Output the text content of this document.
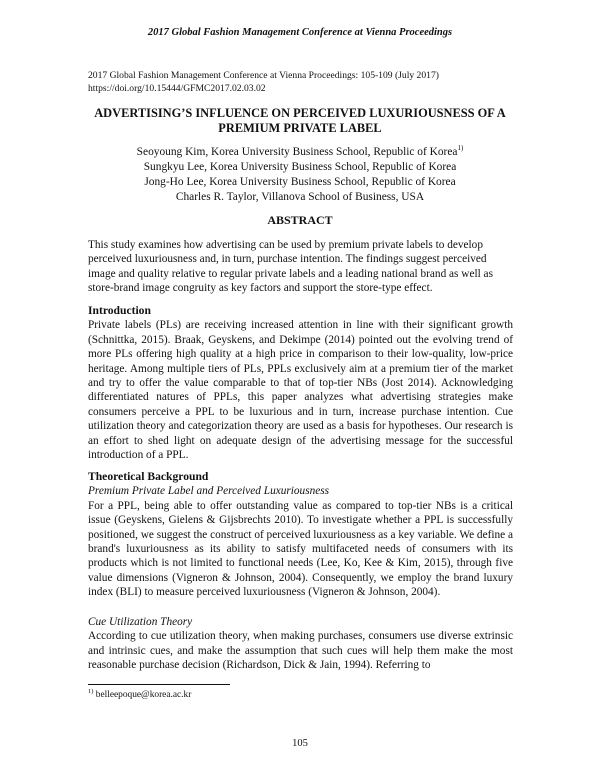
2017 Global Fashion Management Conference at Vienna Proceedings
2017 Global Fashion Management Conference at Vienna Proceedings: 105-109 (July 2017)
https://doi.org/10.15444/GFMC2017.02.03.02
ADVERTISING’S INFLUENCE ON PERCEIVED LUXURIOUSNESS OF A PREMIUM PRIVATE LABEL
Seoyoung Kim, Korea University Business School, Republic of Korea$^{1)}$
Sungkyu Lee, Korea University Business School, Republic of Korea
Jong-Ho Lee, Korea University Business School, Republic of Korea
Charles R. Taylor, Villanova School of Business, USA
ABSTRACT
This study examines how advertising can be used by premium private labels to develop perceived luxuriousness and, in turn, purchase intention. The findings suggest perceived image and quality relative to regular private labels and a leading national brand as well as store-brand image congruity as key factors and support the store-type effect.

Introduction

Private labels (PLs) are receiving increased attention in line with their significant growth (Schnittka, 2015). Braak, Geyskens, and Dekimpe (2014) pointed out the evolving trend of more PLs offering high quality at a high price in comparison to their low-quality, low-price heritage. Among multiple tiers of PLs, PPLs exclusively aim at a premium tier of the market and try to offer the value comparable to that of top-tier NBs (Jost 2014). Acknowledging differentiated natures of PPLs, this paper analyzes what advertising strategies make consumers perceive a PPL to be luxurious and in turn, increase purchase intention. Cue utilization theory and categorization theory are used as a basis for hypotheses. Our research is an effort to shed light on adequate design of the advertising message for the successful introduction of a PPL.

Theoretical Background

Premium Private Label and Perceived Luxuriousness

For a PPL, being able to offer outstanding value as compared to top-tier NBs is a critical issue (Geyskens, Gielens & Gijsbrechts 2010). To investigate whether a PPL is successfully positioned, we suggest the construct of perceived luxuriousness as a key variable. We define a brand's luxuriousness as its ability to satisfy multifaceted needs of consumers with its products which is not limited to functional needs (Lee, Ko, Kee & Kim, 2015), through five value dimensions (Vigneron & Johnson, 2004). Consequently, we employ the brand luxury index (BLI) to measure perceived luxuriousness (Vigneron & Johnson, 2004).

Cue Utilization Theory

According to cue utilization theory, when making purchases, consumers use diverse extrinsic and intrinsic cues, and make the assumption that such cues will help them make the most reasonable purchase decision (Richardson, Dick & Jain, 1994). Referring to

$^{1)}$ belleepoque@korea.ac.kr
105
